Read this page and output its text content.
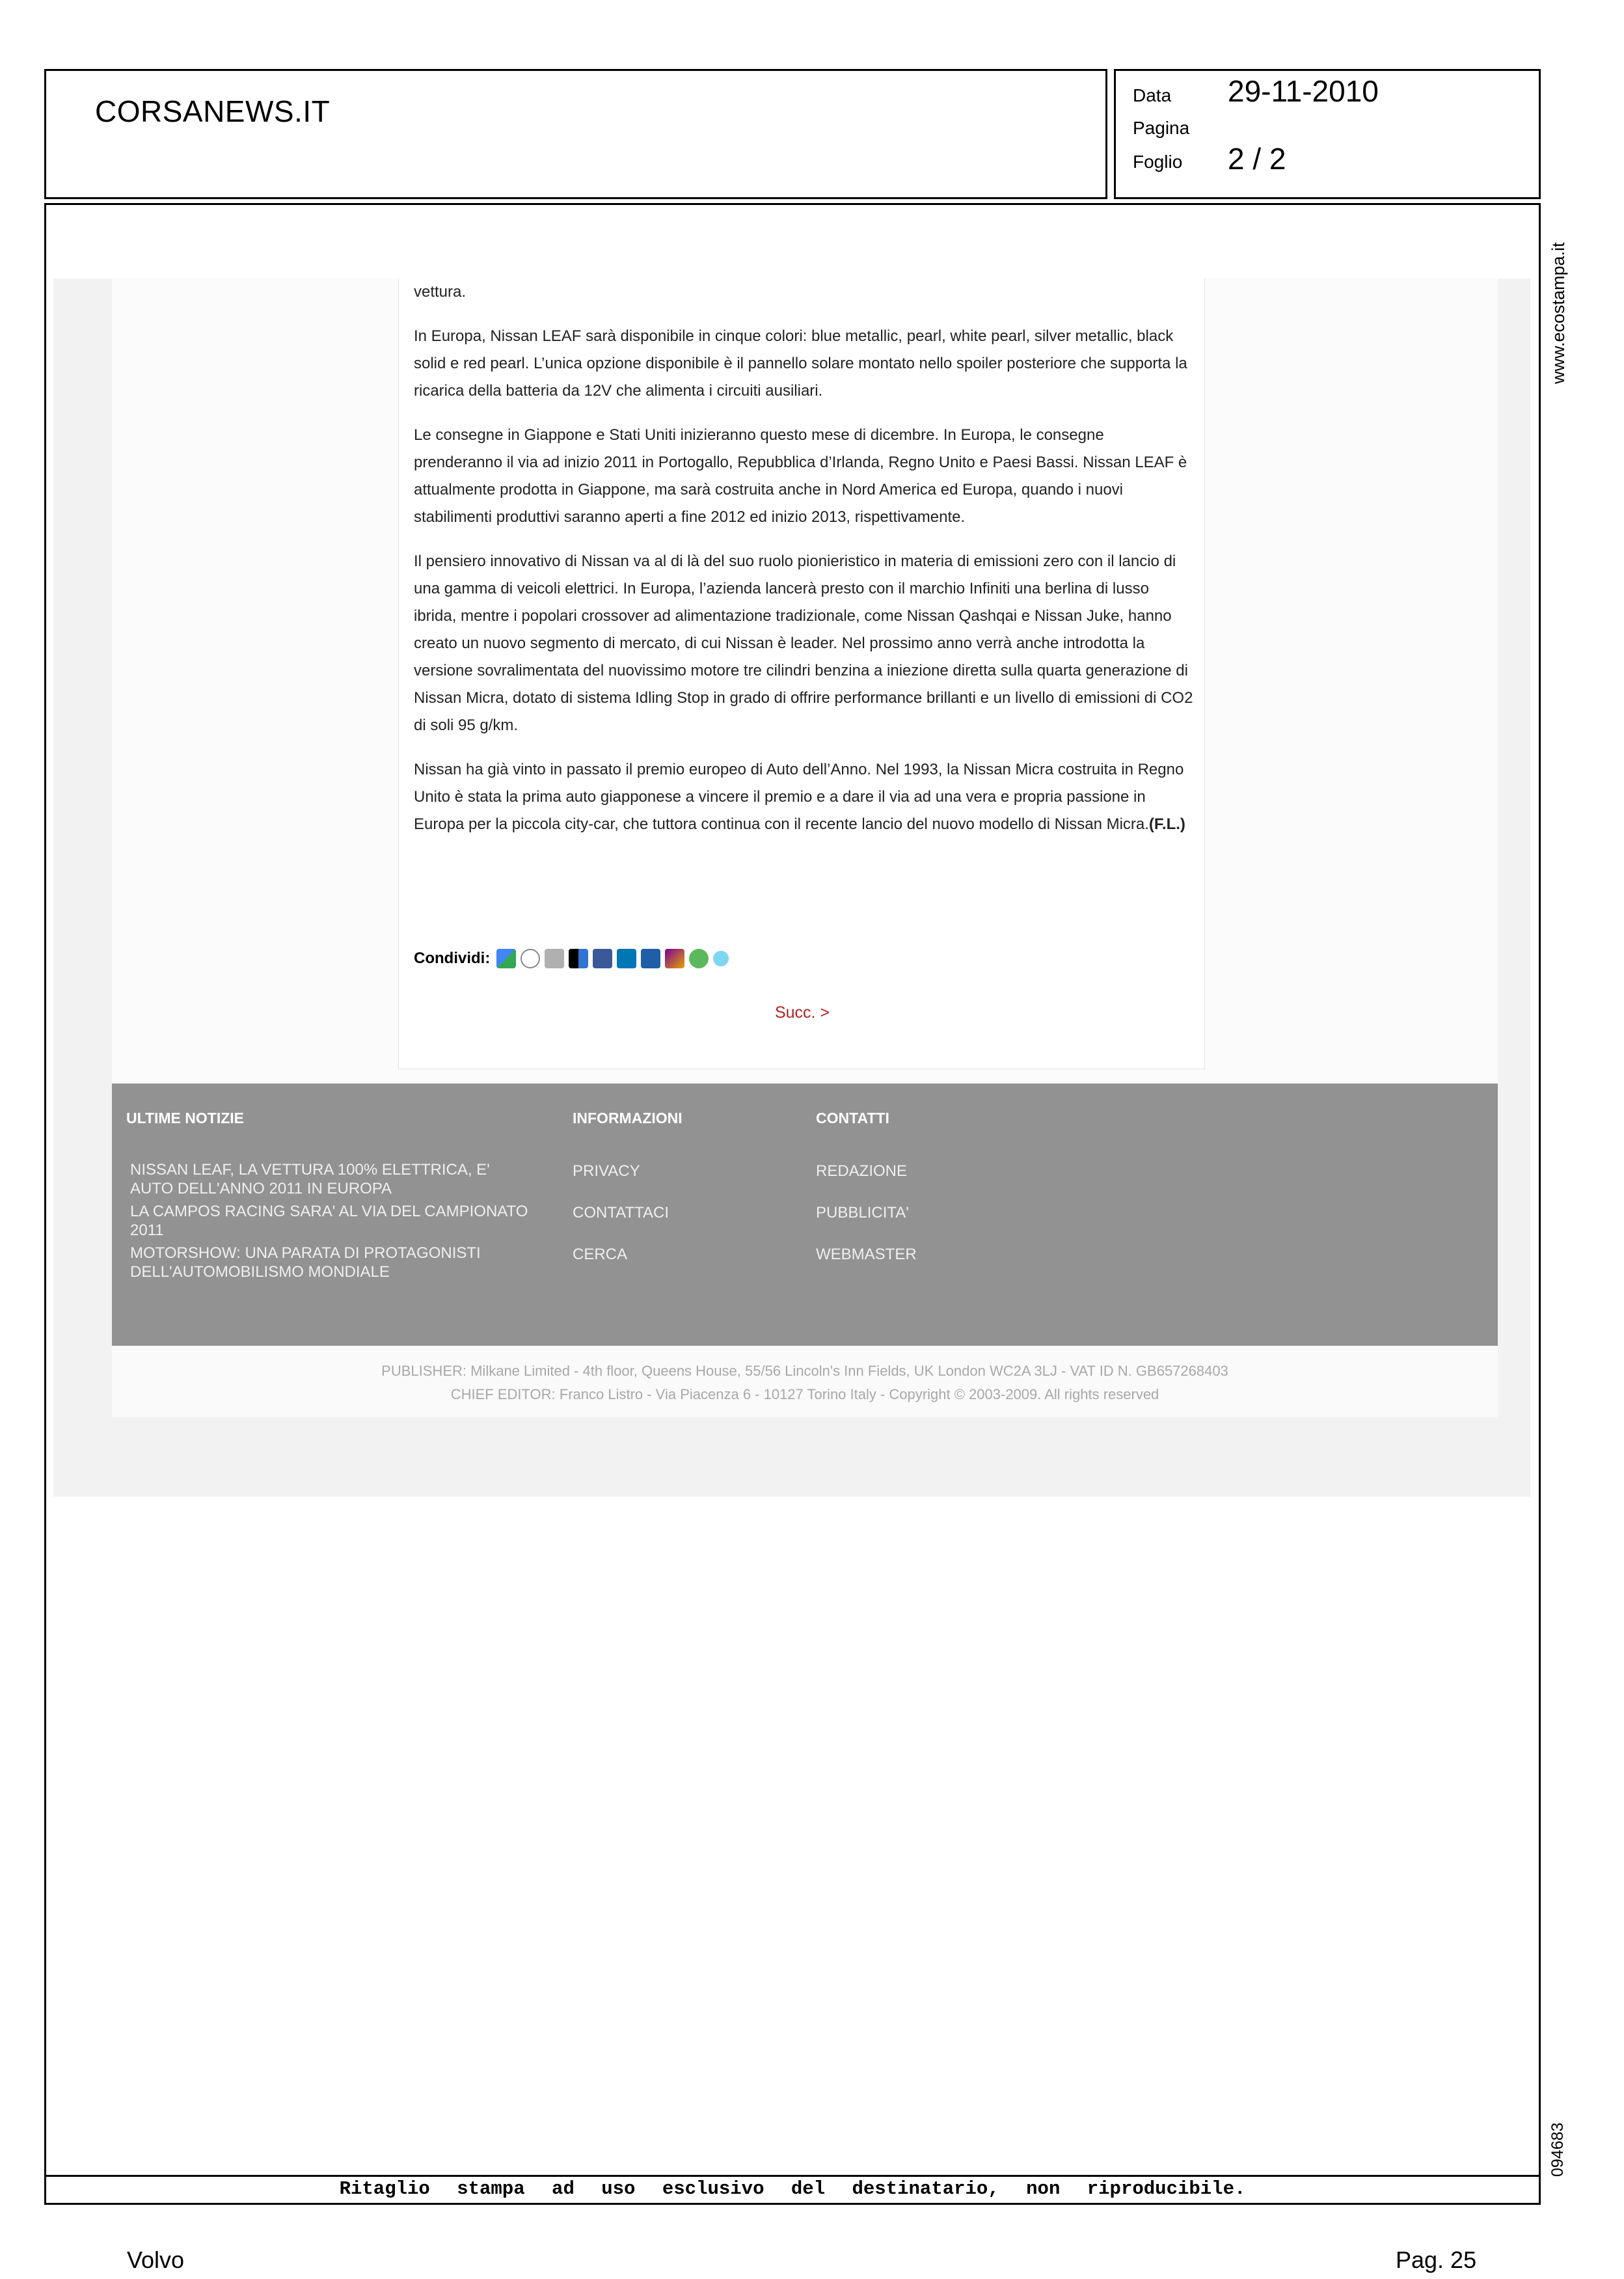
CORSANEWS.IT	Data 29-11-2010
Pagina
Foglio 2 / 2

vettura.

In Europa, Nissan LEAF sarà disponibile in cinque colori: blue metallic, pearl, white pearl, silver metallic, black solid e red pearl. L’unica opzione disponibile è il pannello solare montato nello spoiler posteriore che supporta la ricarica della batteria da 12V che alimenta i circuiti ausiliari.

Le consegne in Giappone e Stati Uniti inizieranno questo mese di dicembre. In Europa, le consegne prenderanno il via ad inizio 2011 in Portogallo, Repubblica d’Irlanda, Regno Unito e Paesi Bassi. Nissan LEAF è attualmente prodotta in Giappone, ma sarà costruita anche in Nord America ed Europa, quando i nuovi stabilimenti produttivi saranno aperti a fine 2012 ed inizio 2013, rispettivamente.

Il pensiero innovativo di Nissan va al di là del suo ruolo pionieristico in materia di emissioni zero con il lancio di una gamma di veicoli elettrici. In Europa, l’azienda lancerà presto con il marchio Infiniti una berlina di lusso ibrida, mentre i popolari crossover ad alimentazione tradizionale, come Nissan Qashqai e Nissan Juke, hanno creato un nuovo segmento di mercato, di cui Nissan è leader. Nel prossimo anno verrà anche introdotta la versione sovralimentata del nuovissimo motore tre cilindri benzina a iniezione diretta sulla quarta generazione di Nissan Micra, dotato di sistema Idling Stop in grado di offrire performance brillanti e un livello di emissioni di CO2 di soli 95 g/km.

Nissan ha già vinto in passato il premio europeo di Auto dell’Anno. Nel 1993, la Nissan Micra costruita in Regno Unito è stata la prima auto giapponese a vincere il premio e a dare il via ad una vera e propria passione in Europa per la piccola city-car, che tuttora continua con il recente lancio del nuovo modello di Nissan Micra.(F.L.)

Condividi:
Succ. >
ULTIME NOTIZIE
NISSAN LEAF, LA VETTURA 100% ELETTRICA, E' AUTO DELL'ANNO 2011 IN EUROPA
LA CAMPOS RACING SARA' AL VIA DEL CAMPIONATO 2011
MOTORSHOW: UNA PARATA DI PROTAGONISTI DELL'AUTOMOBILISMO MONDIALE
INFORMAZIONI
PRIVACY
CONTATTACI
CERCA
CONTATTI
REDAZIONE
PUBBLICITA'
WEBMASTER
PUBLISHER: Milkane Limited - 4th floor, Queens House, 55/56 Lincoln's Inn Fields, UK London WC2A 3LJ - VAT ID N. GB657268403
CHIEF EDITOR: Franco Listro - Via Piacenza 6 - 10127 Torino Italy - Copyright © 2003-2009. All rights reserved
www.ecostampa.it
094683
Ritaglio stampa ad uso esclusivo del destinatario, non riproducibile.
Volvo	Pag. 25
